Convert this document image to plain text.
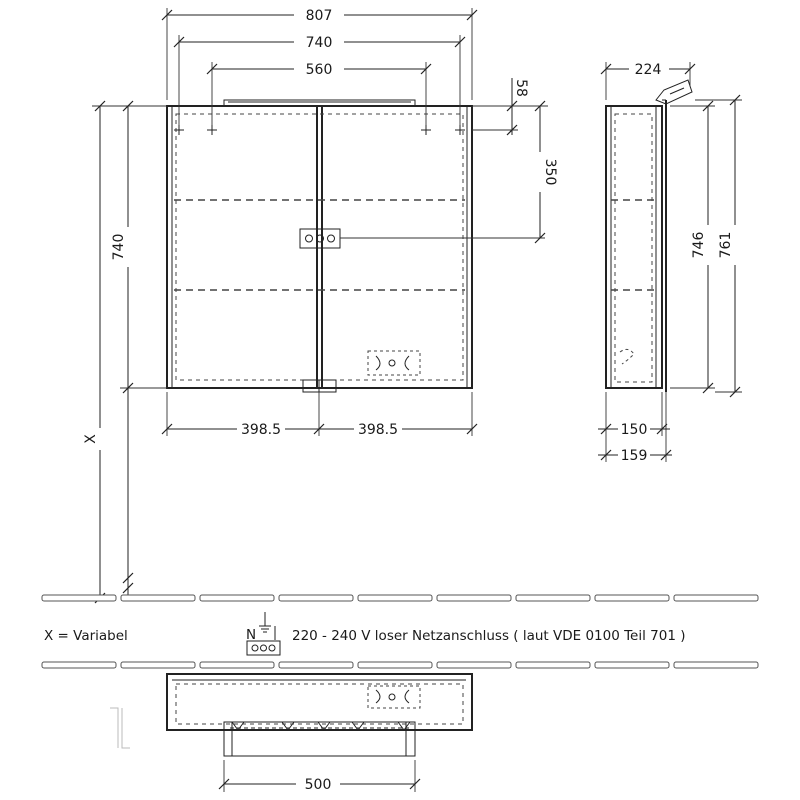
807
740
560
58
350
740
X
398.5	398.5
224
746 761
150
159
X = Variabel	N	220 - 240 V loser Netzanschluss ( laut VDE 0100 Teil 701 )
500
